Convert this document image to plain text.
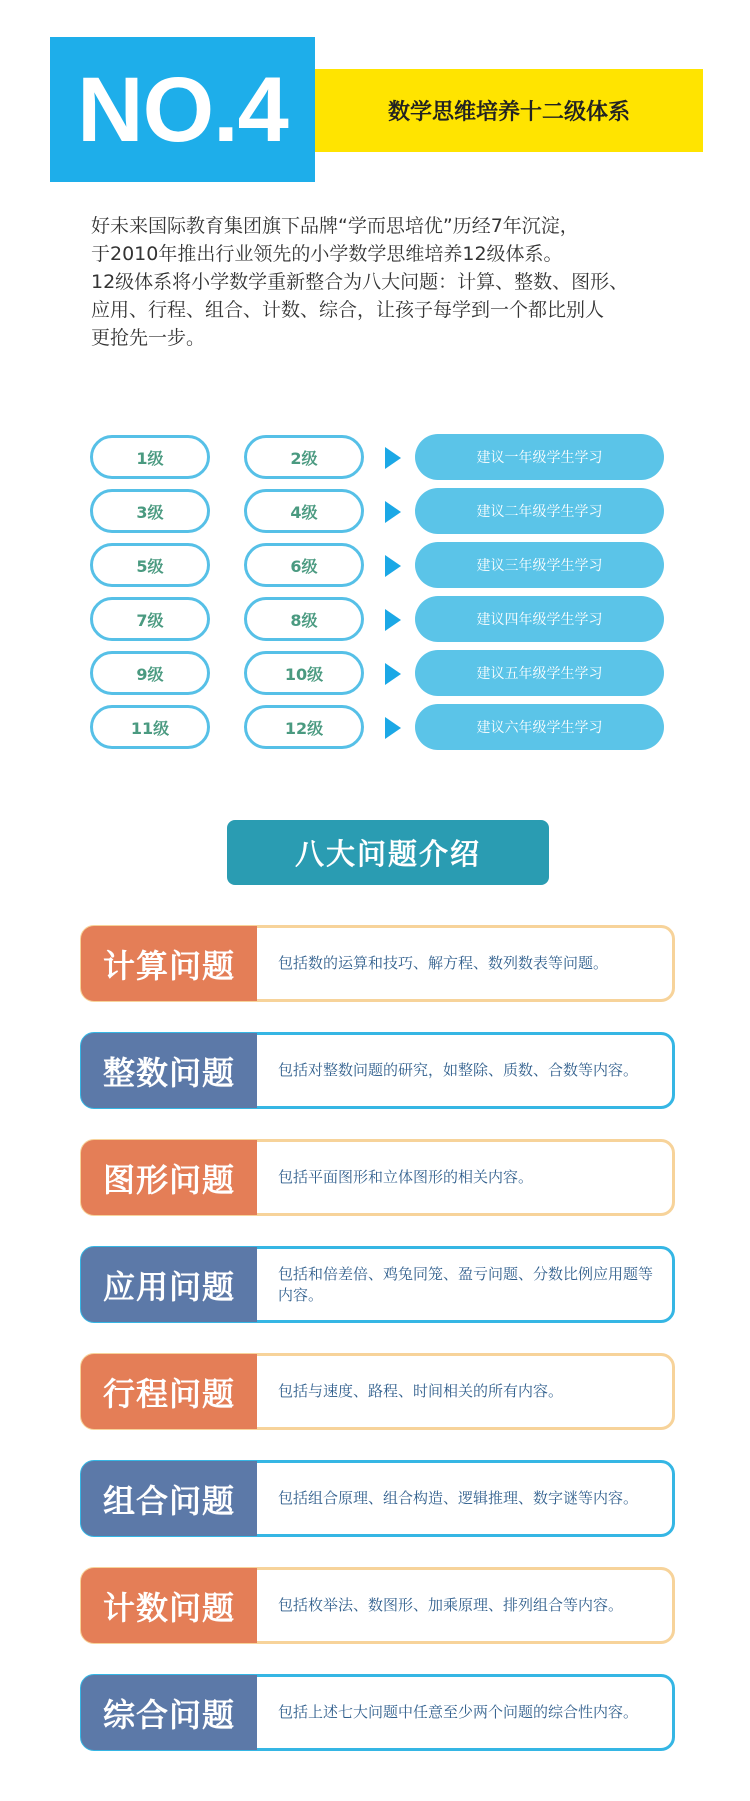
NO.4	数学思维培养十二级体系

好未来国际教育集团旗下品牌“学而思培优”历经7年沉淀，

于2010年推出行业领先的小学数学思维培养12级体系。

12级体系将小学数学重新整合为八大问题：计算、整数、图形、

应用、行程、组合、计数、综合，让孩子每学到一个都比别人

更抢先一步。

1级	2级	建议一年级学生学习
3级	4级	建议二年级学生学习
5级	6级	建议三年级学生学习
7级	8级	建议四年级学生学习
9级	10级	建议五年级学生学习
11级	12级	建议六年级学生学习
八大问题介绍
计算问题	包括数的运算和技巧、解方程、数列数表等问题。
整数问题	包括对整数问题的研究，如整除、质数、合数等内容。
图形问题	包括平面图形和立体图形的相关内容。
应用问题	包括和倍差倍、鸡兔同笼、盈亏问题、分数比例应用题等内容。
行程问题	包括与速度、路程、时间相关的所有内容。
组合问题	包括组合原理、组合构造、逻辑推理、数字谜等内容。
计数问题	包括枚举法、数图形、加乘原理、排列组合等内容。
综合问题	包括上述七大问题中任意至少两个问题的综合性内容。
